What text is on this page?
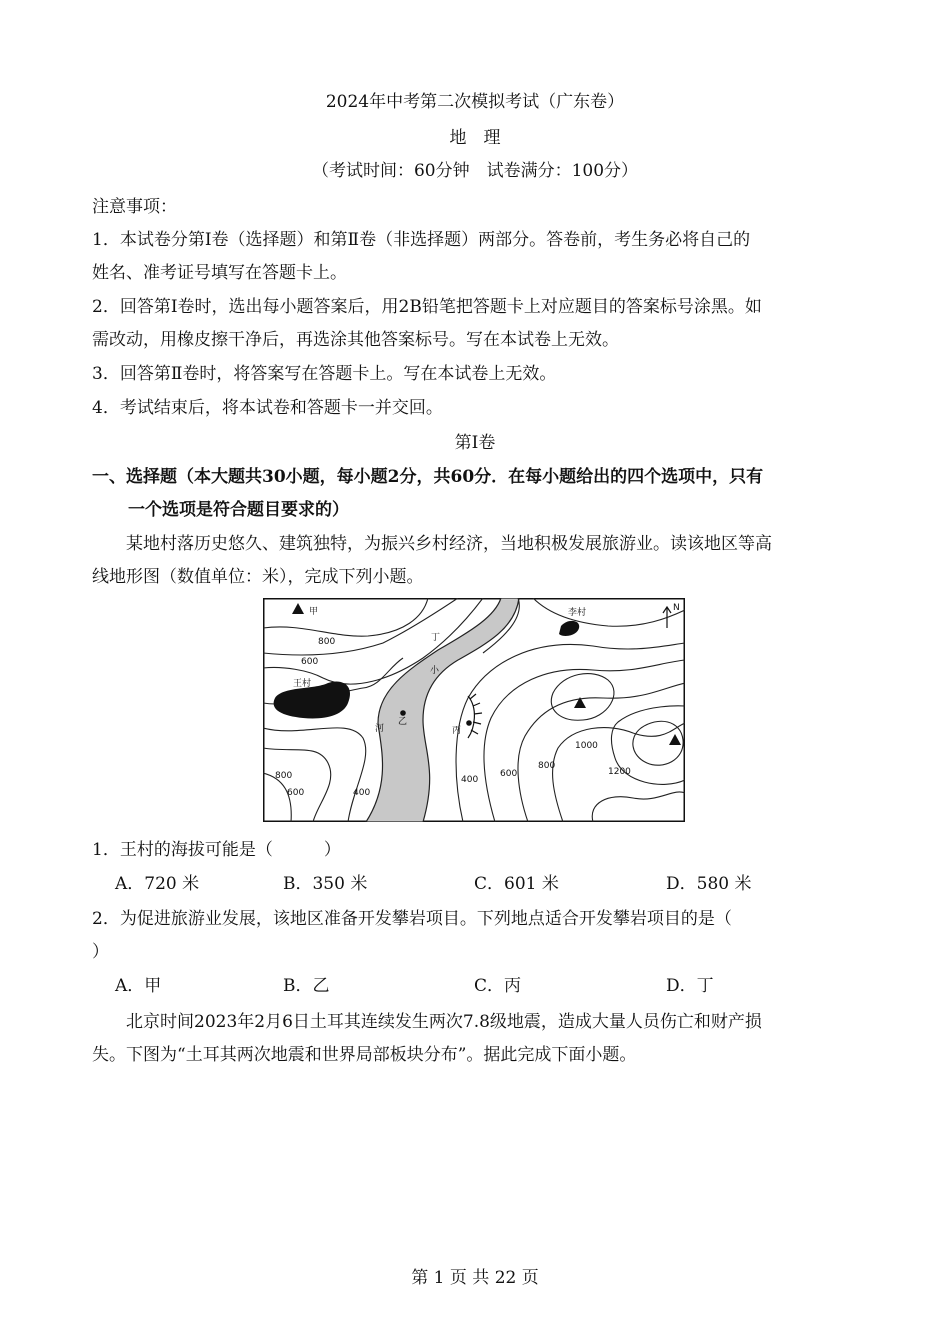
2024年中考第二次模拟考试（广东卷）
地　理
（考试时间：60分钟　试卷满分：100分）
注意事项：
1．本试卷分第Ⅰ卷（选择题）和第Ⅱ卷（非选择题）两部分。答卷前，考生务必将自己的
姓名、准考证号填写在答题卡上。
2．回答第Ⅰ卷时，选出每小题答案后，用2B铅笔把答题卡上对应题目的答案标号涂黑。如
需改动，用橡皮擦干净后，再选涂其他答案标号。写在本试卷上无效。
3．回答第Ⅱ卷时，将答案写在答题卡上。写在本试卷上无效。
4．考试结束后，将本试卷和答题卡一并交回。
第Ⅰ卷
一、选择题（本大题共30小题，每小题2分，共60分．在每小题给出的四个选项中，只有
一个选项是符合题目要求的）
某地村落历史悠久、建筑独特，为振兴乡村经济，当地积极发展旅游业。读该地区等高
线地形图（数值单位：米），完成下列小题。
甲
丁
李村	N
王村
乙
丙
小
河
800
600
800
600	400
400
600
800
1000
1200
1．王村的海拔可能是（　　　）
A．720 米	B．350 米	C．601 米	D．580 米
2．为促进旅游业发展，该地区准备开发攀岩项目。下列地点适合开发攀岩项目的是（
）
A．甲	B．乙	C．丙	D．丁
北京时间2023年2月6日土耳其连续发生两次7.8级地震，造成大量人员伤亡和财产损
失。下图为“土耳其两次地震和世界局部板块分布”。据此完成下面小题。
第 1 页 共 22 页
